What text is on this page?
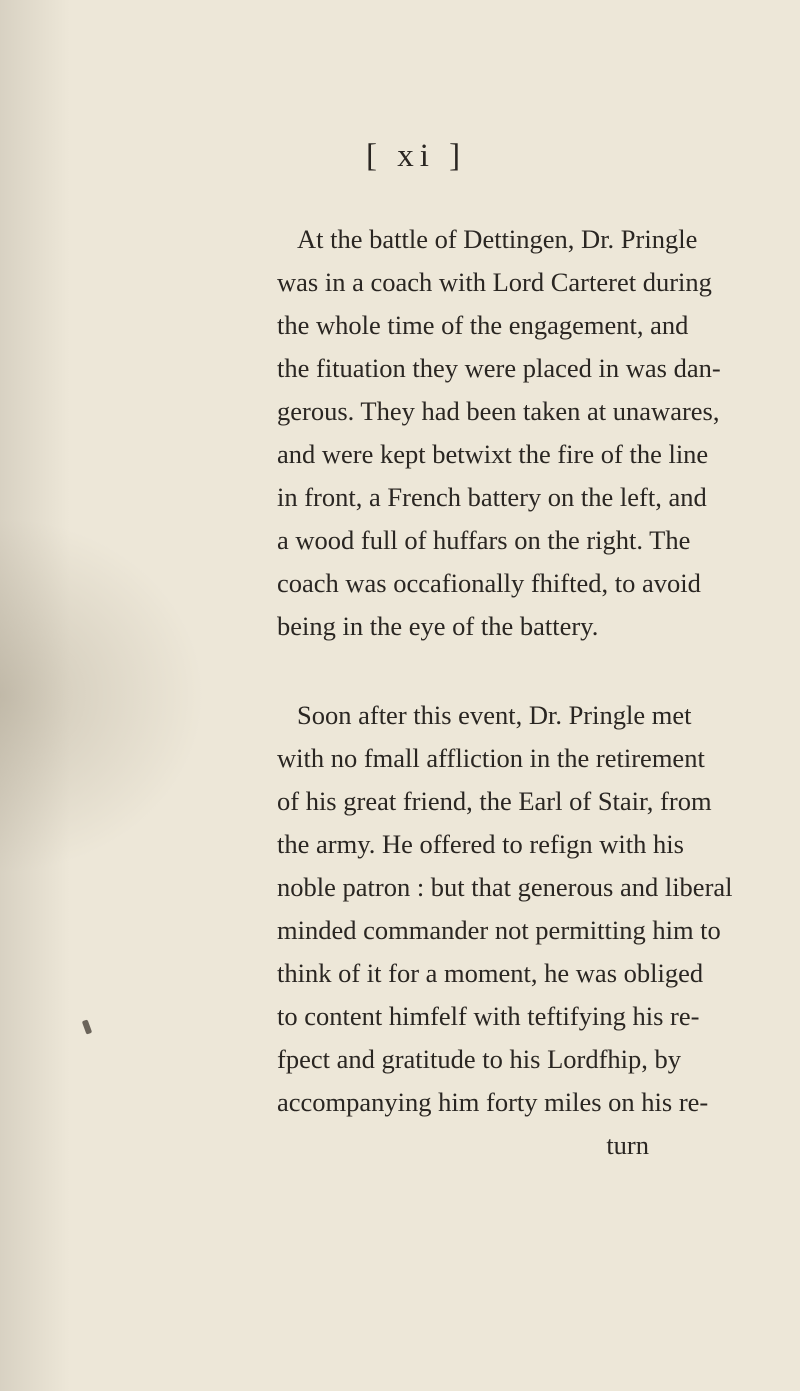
[ xi ]
At the battle of Dettingen, Dr. Pringle
was in a coach with Lord Carteret during
the whole time of the engagement, and
the fituation they were placed in was dan-
gerous. They had been taken at unawares,
and were kept betwixt the fire of the line
in front, a French battery on the left, and
a wood full of huffars on the right. The
coach was occafionally fhifted, to avoid
being in the eye of the battery.
Soon after this event, Dr. Pringle met
with no fmall affliction in the retirement
of his great friend, the Earl of Stair, from
the army. He offered to refign with his
noble patron : but that generous and liberal
minded commander not permitting him to
think of it for a moment, he was obliged
to content himfelf with teftifying his re-
fpect and gratitude to his Lordfhip, by
accompanying him forty miles on his re-
turn
